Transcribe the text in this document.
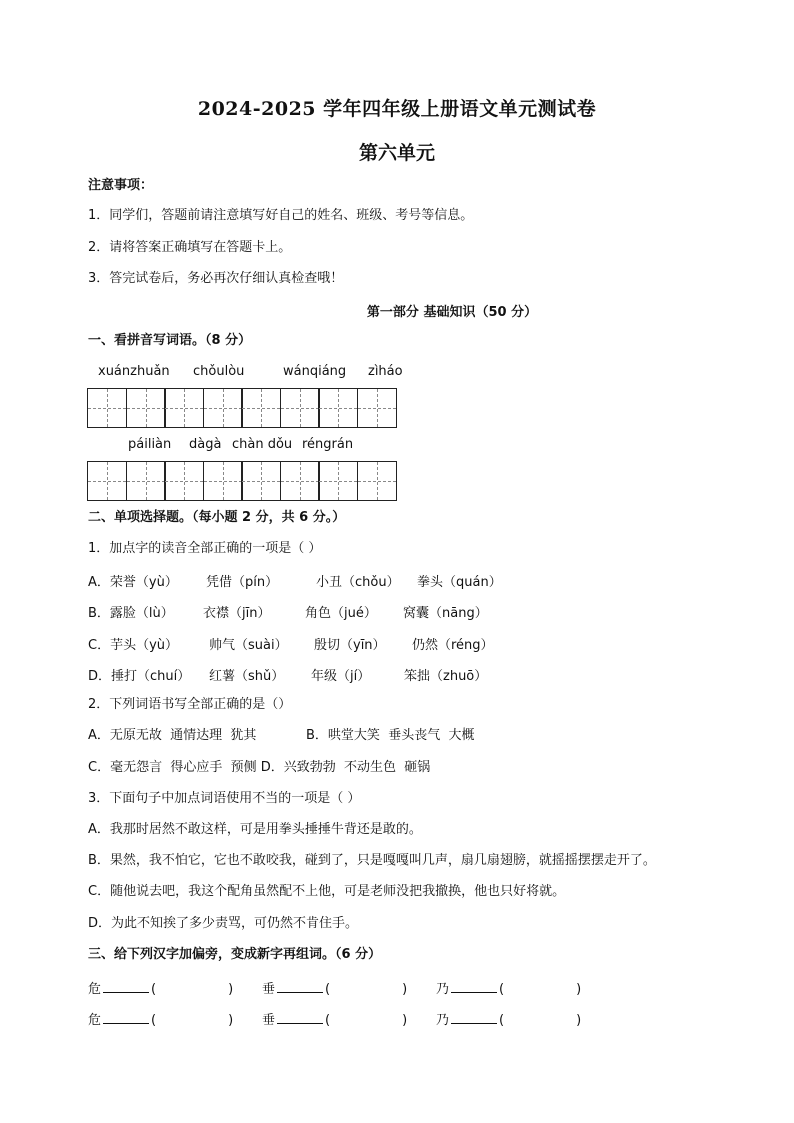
2024-2025 学年四年级上册语文单元测试卷
第六单元
注意事项：
1．同学们，答题前请注意填写好自己的姓名、班级、考号等信息。
2．请将答案正确填写在答题卡上。
3．答完试卷后，务必再次仔细认真检查哦！
第一部分 基础知识（50 分）
一、看拼音写词语。（8 分）
xuánzhuǎn chǒulòu	wánqiáng zìháo
páiliàn dàgà chàn dǒu réngrán
二、单项选择题。（每小题 2 分，共 6 分。）
1．加点字的读音全部正确的一项是（ ）
A．荣誉（yù） 凭借（pín）	小丑（chǒu） 拳头（quán）
B．露脸（lù） 衣襟（jīn）	角色（jué） 窝囊（nāng）
C．芋头（yù） 帅气（suài） 殷切（yīn） 仍然（réng）
D．捶打（chuí） 红薯（shǔ） 年级（jí）	笨拙（zhuō）
2．下列词语书写全部正确的是（）
A．无原无故  通情达理  犹其            B．哄堂大笑  垂头丧气  大概
C．毫无怨言  得心应手  预侧 D．兴致勃勃  不动生色  砸锅
3．下面句子中加点词语使用不当的一项是（ ）
A．我那时居然不敢这样，可是用拳头捶捶牛背还是敢的。
B．果然，我不怕它，它也不敢咬我，碰到了，只是嘎嘎叫几声，扇几扇翅膀，就摇摇摆摆走开了。
C．随他说去吧，我这个配角虽然配不上他，可是老师没把我撤换，他也只好将就。
D．为此不知挨了多少责骂，可仍然不肯住手。
三、给下列汉字加偏旁，变成新字再组词。（6 分）
危	(	) 垂	(	) 乃	(	)
危	(	) 垂	(	) 乃	(	)
